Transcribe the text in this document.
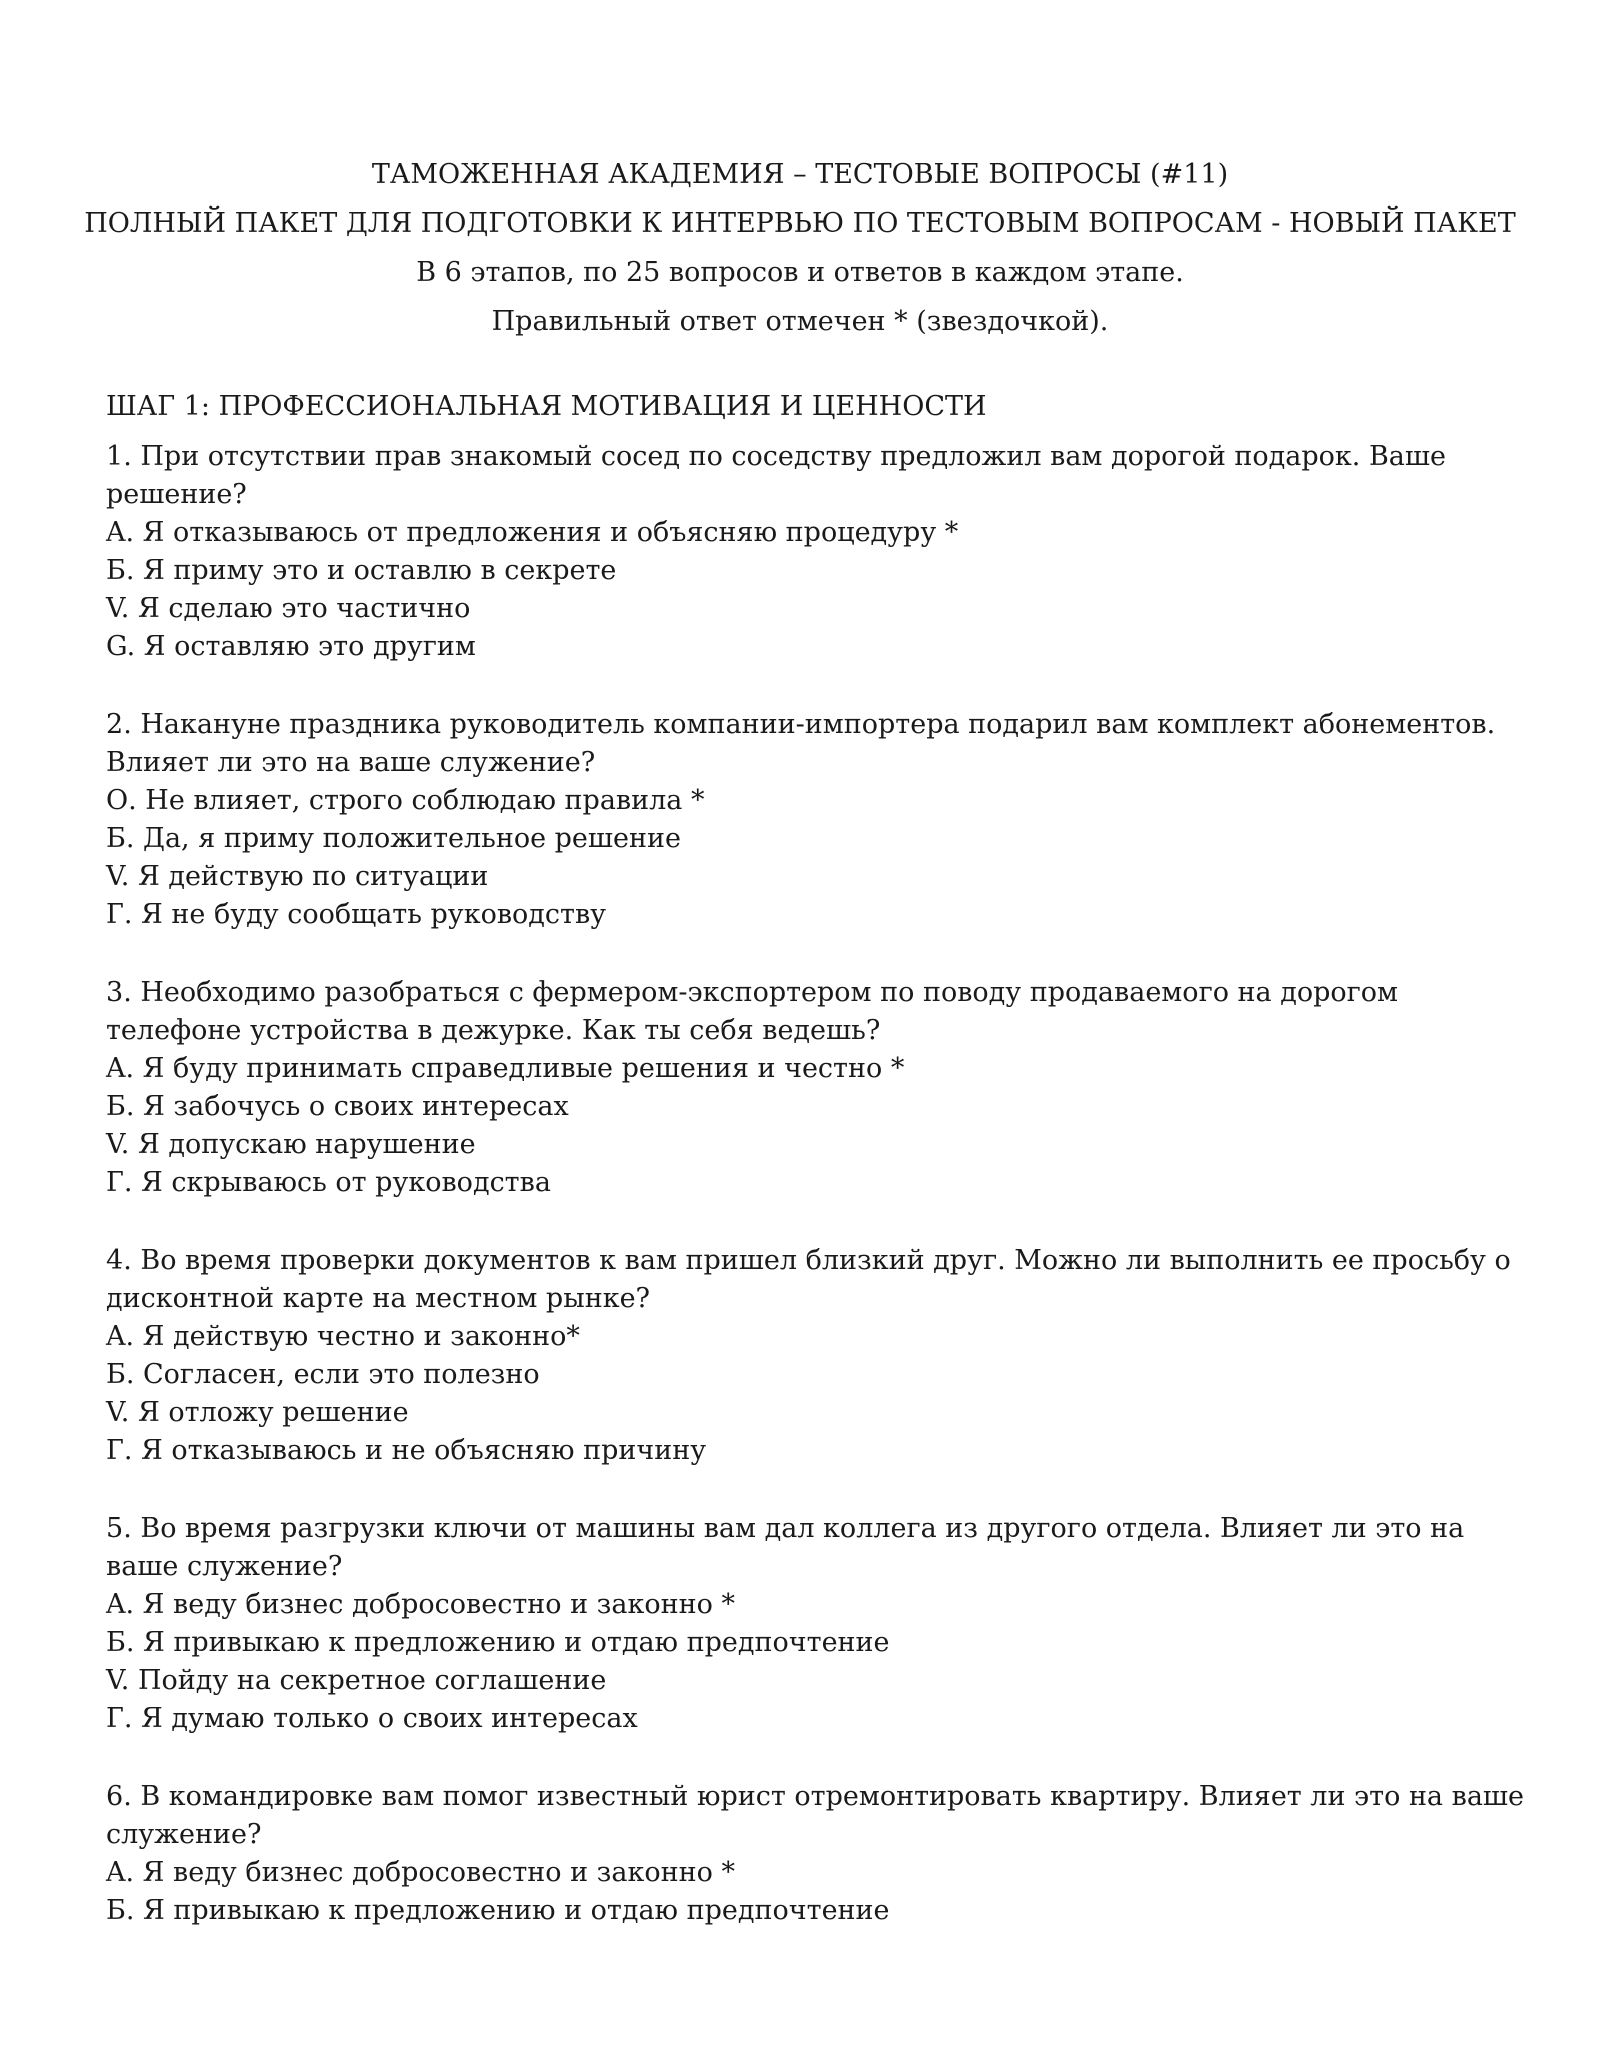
ТАМОЖЕННАЯ АКАДЕМИЯ – ТЕСТОВЫЕ ВОПРОСЫ (#11)
ПОЛНЫЙ ПАКЕТ ДЛЯ ПОДГОТОВКИ К ИНТЕРВЬЮ ПО ТЕСТОВЫМ ВОПРОСАМ - НОВЫЙ ПАКЕТ
В 6 этапов, по 25 вопросов и ответов в каждом этапе.
Правильный ответ отмечен * (звездочкой).
ШАГ 1: ПРОФЕССИОНАЛЬНАЯ МОТИВАЦИЯ И ЦЕННОСТИ

1 . При отсутствии прав знакомый сосед по соседству предложил вам дорогой подарок. Ваше решение?

A. Я отказываюсь от предложения и объясняю процедуру *

Б. Я приму это и оставлю в секрете

V. Я сделаю это частично

G. Я оставляю это другим

2 . Накануне праздника руководитель компании-импортера подарил вам комплект абонементов. Влияет ли это на ваше служение?

О. Не влияет, строго соблюдаю правила *

Б. Да, я приму положительное решение

V. Я действую по ситуации

Г. Я не буду сообщать руководству

3 . Необходимо разобраться с фермером-экспортером по поводу продаваемого на дорогом телефоне устройства в дежурке. Как ты себя ведешь?

A. Я буду принимать справедливые решения и честно *

Б. Я забочусь о своих интересах

V. Я допускаю нарушение

Г. Я скрываюсь от руководства

4 . Во время проверки документов к вам пришел близкий друг. Можно ли выполнить ее просьбу о дисконтной карте на местном рынке?

A. Я действую честно и законно*

Б. Согласен, если это полезно

V. Я отложу решение

Г. Я отказываюсь и не объясняю причину

5 . Во время разгрузки ключи от машины вам дал коллега из другого отдела. Влияет ли это на ваше служение?

A. Я веду бизнес добросовестно и законно *

Б. Я привыкаю к предложению и отдаю предпочтение

V. Пойду на секретное соглашение

Г. Я думаю только о своих интересах

6 . В командировке вам помог известный юрист отремонтировать квартиру. Влияет ли это на ваше служение?

A. Я веду бизнес добросовестно и законно *

Б. Я привыкаю к предложению и отдаю предпочтение
